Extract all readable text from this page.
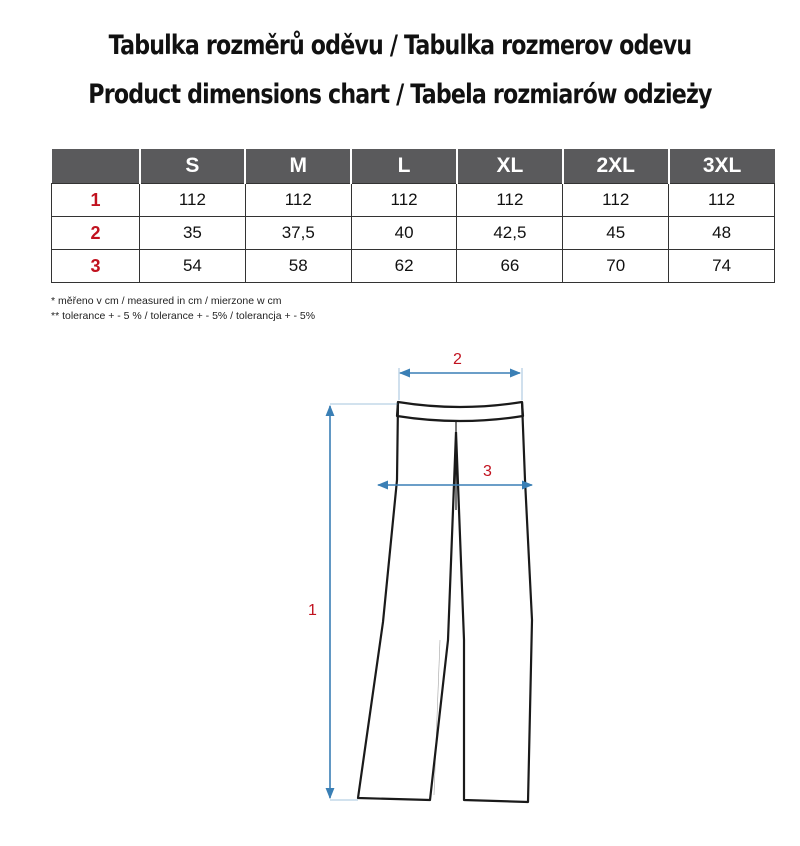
Tabulka rozměrů oděvu / Tabulka rozmerov odevu
Product dimensions chart / Tabela rozmiarów odzieży
	S	M	L	XL	2XL	3XL
1	112	112	112	112	112	112
2	35	37,5	40	42,5	45	48
3	54	58	62	66	70	74
* měřeno v cm / measured in cm / mierzone w cm
** tolerance + - 5 % / tolerance + - 5% / tolerancja + - 5%
1
2
3
